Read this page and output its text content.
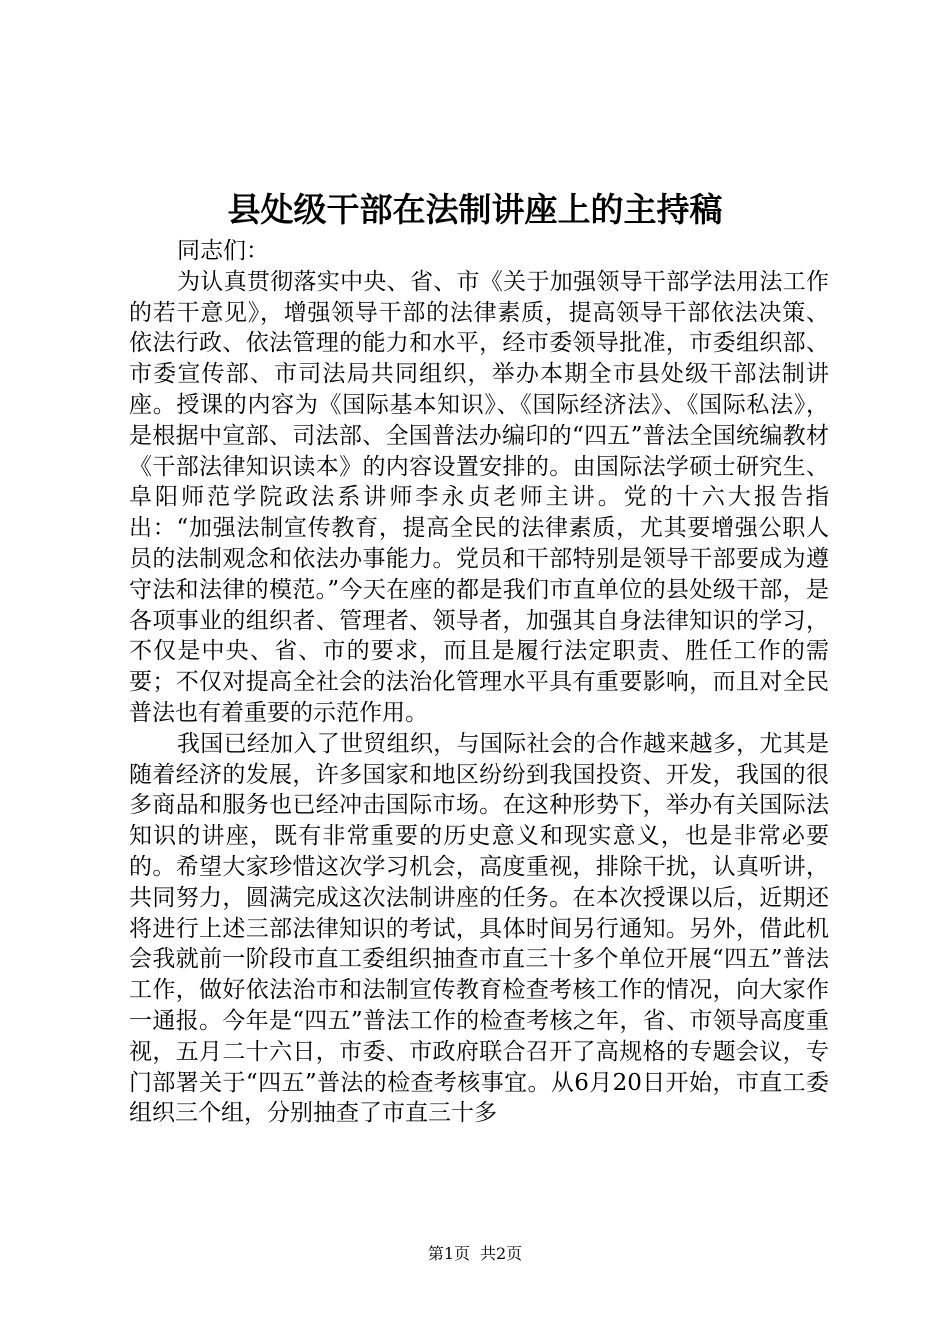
县处级干部在法制讲座上的主持稿

同志们：

为认真贯彻落实中央、省、市《关于加强领导干部学法用法工作的若干意见》，增强领导干部的法律素质，提高领导干部依法决策、依法行政、依法管理的能力和水平，经市委领导批准，市委组织部、市委宣传部、市司法局共同组织，举办本期全市县处级干部法制讲座。授课的内容为《国际基本知识》、《国际经济法》、《国际私法》，是根据中宣部、司法部、全国普法办编印的“四五”普法全国统编教材《干部法律知识读本》的内容设置安排的。由国际法学硕士研究生、阜阳师范学院政法系讲师李永贞老师主讲。党的十六大报告指出：“加强法制宣传教育，提高全民的法律素质，尤其要增强公职人员的法制观念和依法办事能力。党员和干部特别是领导干部要成为遵守法和法律的模范。”今天在座的都是我们市直单位的县处级干部，是各项事业的组织者、管理者、领导者，加强其自身法律知识的学习，不仅是中央、省、市的要求，而且是履行法定职责、胜任工作的需要；不仅对提高全社会的法治化管理水平具有重要影响，而且对全民普法也有着重要的示范作用。

我国已经加入了世贸组织，与国际社会的合作越来越多，尤其是随着经济的发展，许多国家和地区纷纷到我国投资、开发，我国的很多商品和服务也已经冲击国际市场。在这种形势下，举办有关国际法知识的讲座，既有非常重要的历史意义和现实意义，也是非常必要的。希望大家珍惜这次学习机会，高度重视，排除干扰，认真听讲，共同努力，圆满完成这次法制讲座的任务。在本次授课以后，近期还将进行上述三部法律知识的考试，具体时间另行通知。另外，借此机会我就前一阶段市直工委组织抽查市直三十多个单位开展“四五”普法工作，做好依法治市和法制宣传教育检查考核工作的情况，向大家作一通报。今年是“四五”普法工作的检查考核之年，省、市领导高度重视，五月二十六日，市委、市政府联合召开了高规格的专题会议，专门部署关于“四五”普法的检查考核事宜。从6月20日开始，市直工委组织三个组，分别抽查了市直三十多

第1页 共2页
